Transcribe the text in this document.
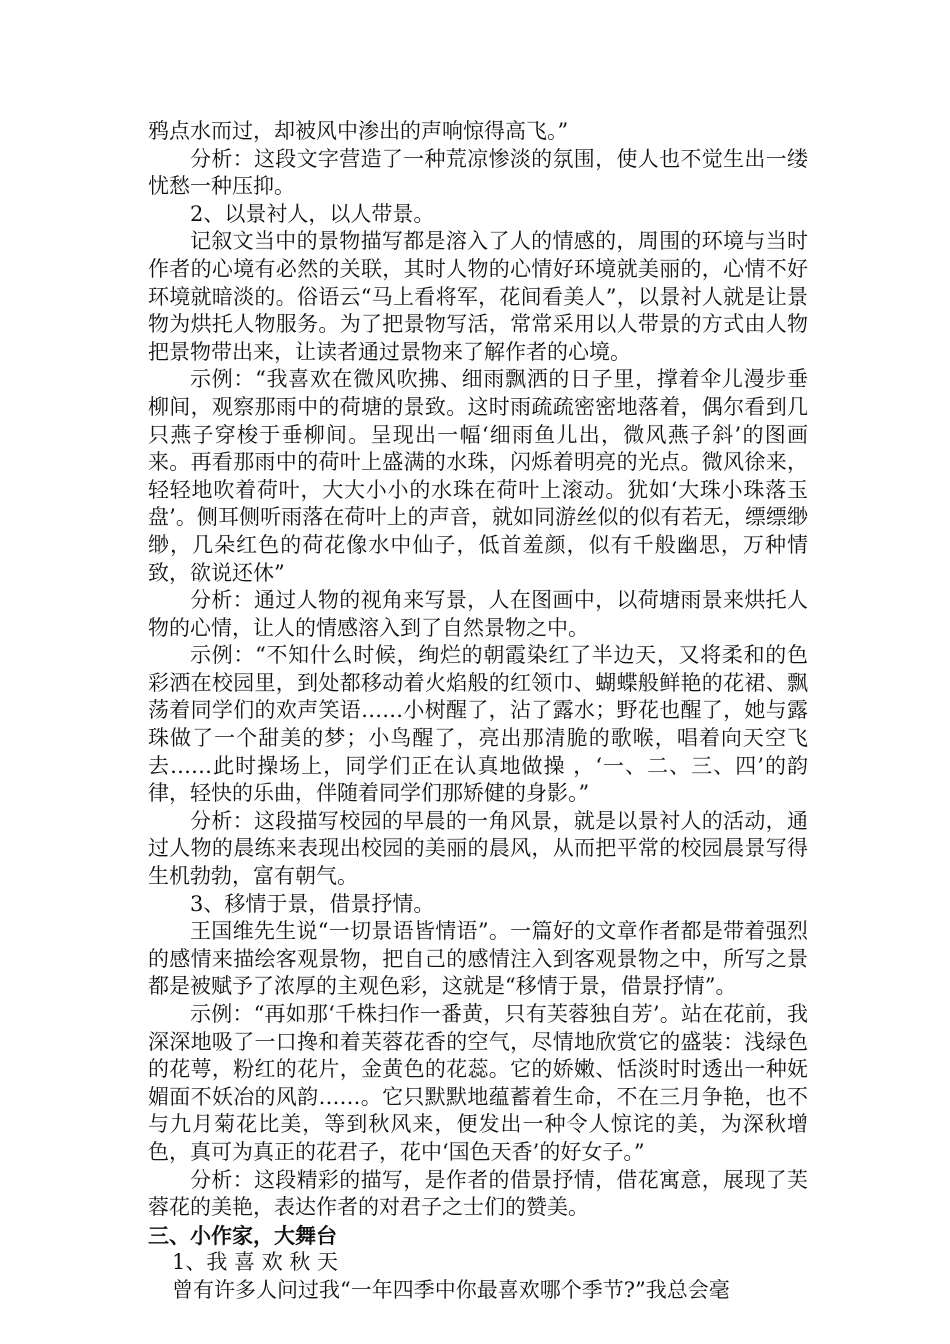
鸦点水而过，却被风中渗出的声响惊得高飞。”

分析：这段文字营造了一种荒凉惨淡的氛围，使人也不觉生出一缕忧愁一种压抑。

2、以景衬人，以人带景。

记叙文当中的景物描写都是溶入了人的情感的，周围的环境与当时作者的心境有必然的关联，其时人物的心情好环境就美丽的，心情不好环境就暗淡的。俗语云“马上看将军，花间看美人”，以景衬人就是让景物为烘托人物服务。为了把景物写活，常常采用以人带景的方式由人物把景物带出来，让读者通过景物来了解作者的心境。

示例：“我喜欢在微风吹拂、细雨飘洒的日子里，撑着伞儿漫步垂柳间，观察那雨中的荷塘的景致。这时雨疏疏密密地落着，偶尔看到几只燕子穿梭于垂柳间。呈现出一幅‘细雨鱼儿出，微风燕子斜’的图画来。再看那雨中的荷叶上盛满的水珠，闪烁着明亮的光点。微风徐来，轻轻地吹着荷叶，大大小小的水珠在荷叶上滚动。犹如‘大珠小珠落玉盘’。侧耳侧听雨落在荷叶上的声音，就如同游丝似的似有若无，缥缥缈缈，几朵红色的荷花像水中仙子，低首羞颜，似有千般幽思，万种情致，欲说还休”

分析：通过人物的视角来写景，人在图画中，以荷塘雨景来烘托人物的心情，让人的情感溶入到了自然景物之中。

示例：“不知什么时候，绚烂的朝霞染红了半边天，又将柔和的色彩洒在校园里，到处都移动着火焰般的红领巾、蝴蝶般鲜艳的花裙、飘荡着同学们的欢声笑语……小树醒了，沾了露水；野花也醒了，她与露珠做了一个甜美的梦；小鸟醒了，亮出那清脆的歌喉，唱着向天空飞去……此时操场上，同学们正在认真地做操 ，‘一、二、三、四’的韵律，轻快的乐曲，伴随着同学们那矫健的身影。”

分析：这段描写校园的早晨的一角风景，就是以景衬人的活动，通过人物的晨练来表现出校园的美丽的晨风，从而把平常的校园晨景写得生机勃勃，富有朝气。

3、移情于景，借景抒情。

王国维先生说“一切景语皆情语”。一篇好的文章作者都是带着强烈的感情来描绘客观景物，把自己的感情注入到客观景物之中，所写之景都是被赋予了浓厚的主观色彩，这就是“移情于景，借景抒情”。

示例：“再如那‘千株扫作一番黄，只有芙蓉独自芳’。站在花前，我深深地吸了一口搀和着芙蓉花香的空气，尽情地欣赏它的盛装：浅绿色的花萼，粉红的花片，金黄色的花蕊。它的娇嫩、恬淡时时透出一种妩媚面不妖冶的风韵……。它只默默地蕴蓄着生命，不在三月争艳，也不与九月菊花比美，等到秋风来，便发出一种令人惊诧的美，为深秋增色，真可为真正的花君子，花中‘国色天香’的好女子。”

分析：这段精彩的描写，是作者的借景抒情，借花寓意，展现了芙蓉花的美艳，表达作者的对君子之士们的赞美。

三、小作家，大舞台

1、我 喜 欢 秋 天

曾有许多人问过我“一年四季中你最喜欢哪个季节?”我总会毫
